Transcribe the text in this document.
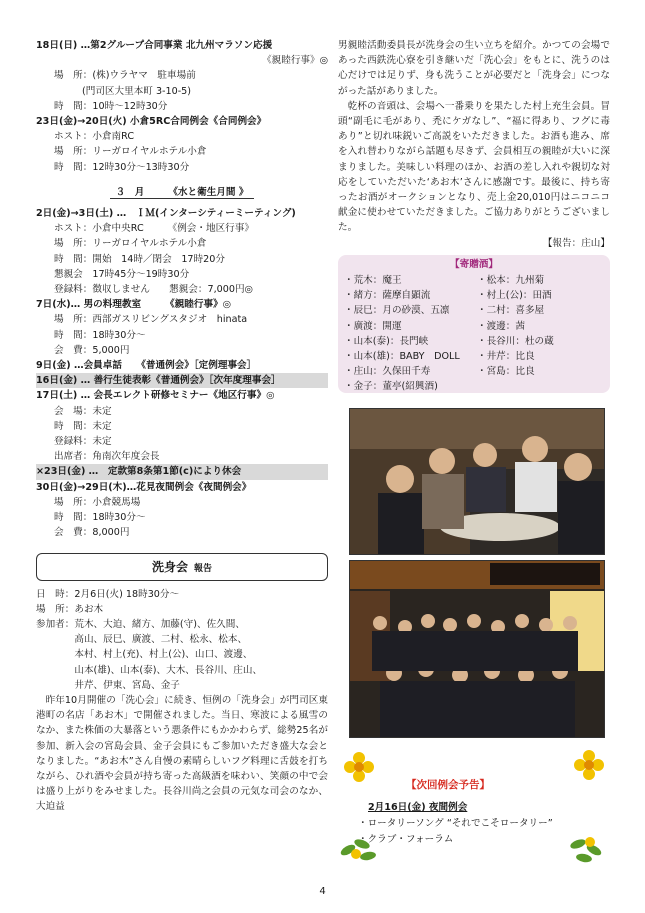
18日(日) …第2グループ合同事業 北九州マラソン応援
《親睦行事》◎
場　所：(株)ウラヤマ　駐車場前
(門司区大里本町 3-10-5)
時　間：10時〜12時30分
23日(金)→20日(火) 小倉5RC合同例会《合同例会》
ホスト：小倉南RC
場　所：リーガロイヤルホテル小倉
時　間：12時30分〜13時30分
３　月　　　《水と衛生月間 》
2日(金)→3日(土) …　ＩＭ(インターシティーミーティング)
ホスト：小倉中央RC　　　《例会・地区行事》
場　所：リーガロイヤルホテル小倉
時　間：開始　14時／閉会　17時20分
懇親会　17時45分〜19時30分
登録料：徴収しません　　懇親会：7,000円◎
7日(水)… 男の料理教室　　　《親睦行事》◎
場　所：西部ガスリビングスタジオ　hinata
時　間：18時30分〜
会　費：5,000円
9日(金) …会員卓話　　《普通例会》［定例理事会］
16日(金) … 善行生徒表彰《普通例会》［次年度理事会］
17日(土) … 会長エレクト研修セミナー《地区行事》◎
会　場：未定
時　間：未定
登録料：未定
出席者：角南次年度会長
×23日(金) …　定款第8条第1節(c)により休会
30日(金)→29日(木)…花見夜間例会《夜間例会》
場　所：小倉競馬場
時　間：18時30分〜
会　費：8,000円
洗身会 報告
日　時：2月6日(火) 18時30分〜
場　所：あお木
参加者： 荒木、大迫、緒方、加藤(守)、佐久間、
高山、辰巳、廣渡、二村、松永、松本、
本村、村上(充)、村上(公)、山口、渡邊、
山本(雄)、山本(泰)、大木、長谷川、庄山、
井芹、伊東、宮島、金子
昨年10月開催の「洗心会」に続き、恒例の「洗身会」が門司区東港町の名店「あお木」で開催されました。当日、寒波による風雪のなか、また株価の大暴落という悪条件にもかかわらず、総勢25名が参加、新入会の宮島会員、金子会員にもご参加いただき盛大な会となりました。“あお木”さん自慢の素晴らしいフグ料理に舌鼓を打ちながら、ひれ酒や会員が持ち寄った高級酒を味わい、笑顔の中で会は盛り上がりをみせました。長谷川尚之会員の元気な司会のなか、大迫益
男親睦活動委員長が洗身会の生い立ちを紹介。かつての会場であった西鉄洗心寮を引き継いだ「洗心会」をもとに、洗うのは心だけでは足りず、身も洗うことが必要だと「洗身会」につながった話がありました。
乾杯の音頭は、会場へ一番乗りを果たした村上充生会員。冒頭“副毛に毛があり、禿にケガなし”、“福に得あり、フグに毒あり”と切れ味鋭いご高説をいただきました。お酒も進み、席を入れ替わりながら話題も尽きず、会員相互の親睦が大いに深まりました。美味しい料理のほか、お酒の差し入れや親切な対応をしていただいた‘あお木’さんに感謝です。最後に、持ち寄ったお酒がオークションとなり、売上金20,010円はニコニコ献金に使わせていただきました。ご協力ありがとうございました。
【報告：庄山】
【寄贈酒】
・荒木：魔王	・松本：九州菊
・緒方：薩摩自顕流	・村上(公)：田酒
・辰巳：月の砂漠、五凛	・二村：喜多屋
・廣渡：開運	・渡邊：茜
・山本(泰)：長門峡	・長谷川：杜の蔵
・山本(雄)：BABY　DOLL	・井芹：比良
・庄山：久保田千寿	・宮島：比良
・金子：董亭(紹興酒)
【次回例会予告】
2月16日(金) 夜間例会
・ロータリーソング “それでこそロータリー”
・クラブ・フォーラム
4
